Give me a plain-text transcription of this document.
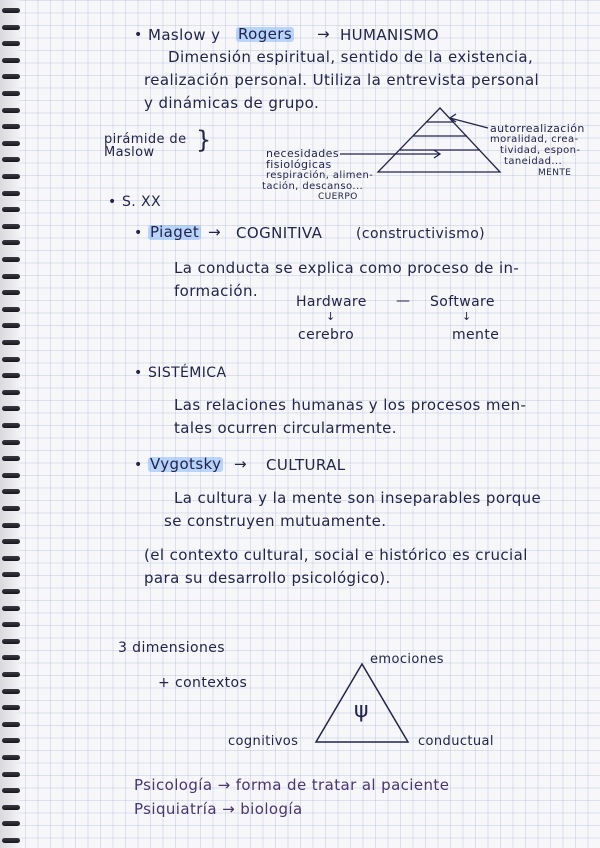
• Maslow y Rogers → HUMANISMO
Dimensión espiritual, sentido de la existencia,
realización personal. Utiliza la entrevista personal
y dinámicas de grupo.
pirámide de
Maslow }	necesidades
fisiológicas
respiración, alimen-
tación, descanso...
CUERPO
autorrealización
moralidad, crea-
tividad, espon-
taneidad...
MENTE
• S. XX
• Piaget → COGNITIVA (constructivismo)
La conducta se explica como proceso de in-
formación.
Hardware — Software
↓	↓
cerebro	mente
• SISTÉMICA
Las relaciones humanas y los procesos men-
tales ocurren circularmente.
• Vygotsky → CULTURAL
La cultura y la mente son inseparables porque
se construyen mutuamente.
(el contexto cultural, social e histórico es crucial
para su desarrollo psicológico).
3 dimensiones
+ contextos
emociones
cognitivos	conductual
ψ
Psicología → forma de tratar al paciente
Psiquiatría → biología
